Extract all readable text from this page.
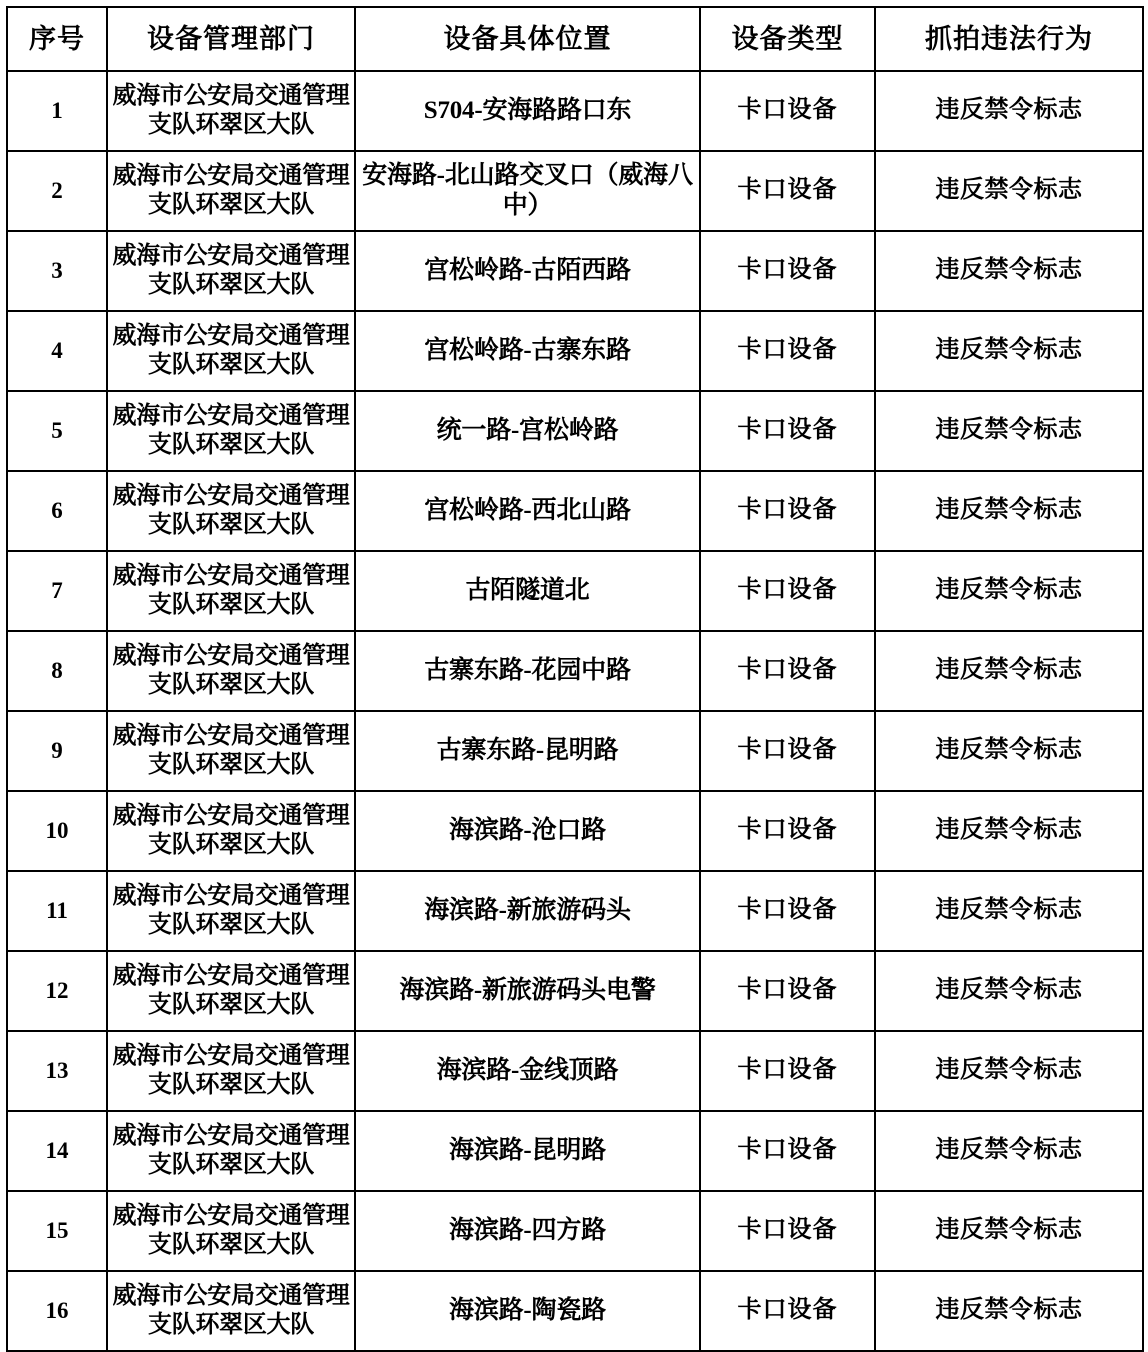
序号	设备管理部门	设备具体位置	设备类型	抓拍违法行为
1	威海市公安局交通管理支队环翠区大队	S704-安海路路口东	卡口设备	违反禁令标志
2	威海市公安局交通管理支队环翠区大队	安海路-北山路交叉口（威海八中）	卡口设备	违反禁令标志
3	威海市公安局交通管理支队环翠区大队	宫松岭路-古陌西路	卡口设备	违反禁令标志
4	威海市公安局交通管理支队环翠区大队	宫松岭路-古寨东路	卡口设备	违反禁令标志
5	威海市公安局交通管理支队环翠区大队	统一路-宫松岭路	卡口设备	违反禁令标志
6	威海市公安局交通管理支队环翠区大队	宫松岭路-西北山路	卡口设备	违反禁令标志
7	威海市公安局交通管理支队环翠区大队	古陌隧道北	卡口设备	违反禁令标志
8	威海市公安局交通管理支队环翠区大队	古寨东路-花园中路	卡口设备	违反禁令标志
9	威海市公安局交通管理支队环翠区大队	古寨东路-昆明路	卡口设备	违反禁令标志
10	威海市公安局交通管理支队环翠区大队	海滨路-沧口路	卡口设备	违反禁令标志
11	威海市公安局交通管理支队环翠区大队	海滨路-新旅游码头	卡口设备	违反禁令标志
12	威海市公安局交通管理支队环翠区大队	海滨路-新旅游码头电警	卡口设备	违反禁令标志
13	威海市公安局交通管理支队环翠区大队	海滨路-金线顶路	卡口设备	违反禁令标志
14	威海市公安局交通管理支队环翠区大队	海滨路-昆明路	卡口设备	违反禁令标志
15	威海市公安局交通管理支队环翠区大队	海滨路-四方路	卡口设备	违反禁令标志
16	威海市公安局交通管理支队环翠区大队	海滨路-陶瓷路	卡口设备	违反禁令标志
